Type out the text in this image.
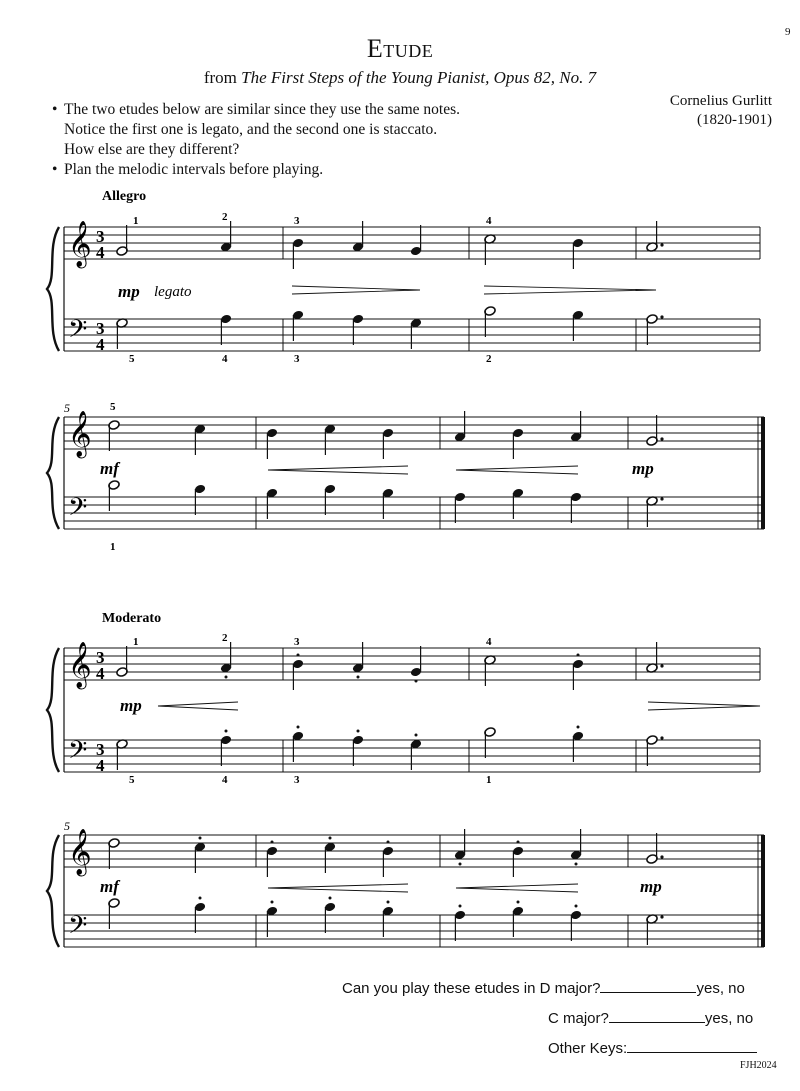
9
Etude
from The First Steps of the Young Pianist, Opus 82, No. 7
Cornelius Gurlitt
(1820-1901)
• The two etudes below are similar since they use the same notes.
Notice the first one is legato, and the second one is staccato.
How else are they different?
• Plan the melodic intervals before playing.
Allegro
𝄞
𝄢
3
4
3
4
1	2	3	4
5	4	3	2
mp legato
𝄞
𝄢
5	5
1
mf	mp
Moderato
𝄞
𝄢
3
4
3
4
1	2	3	4
5	4	3	1
mp
𝄞
𝄢
5
mf	mp
Can you play these etudes in D major?	yes, no
C major?	yes, no
Other Keys:
FJH2024
